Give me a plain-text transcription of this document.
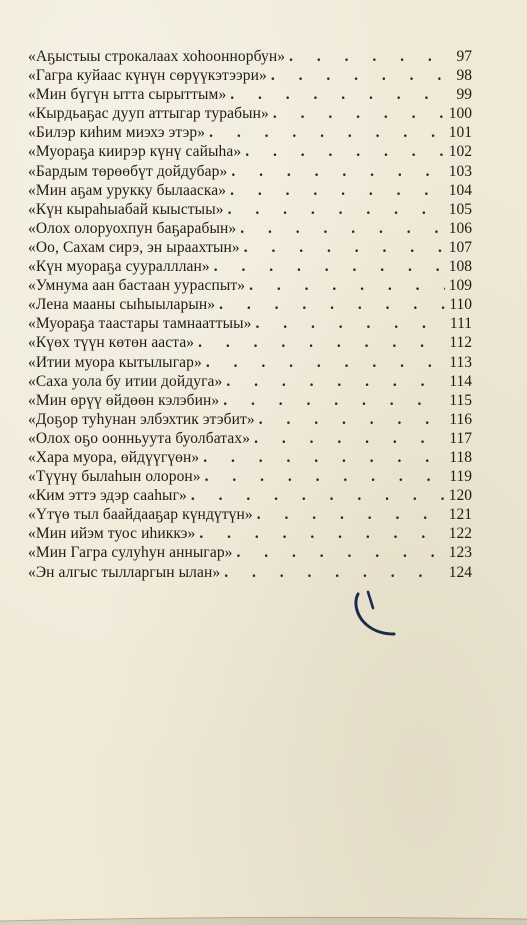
«Аҕыстыы строкалаах хоһооннорбун» . . .	97
«Гагра куйаас күнүн сөрүүкэтээри» . . .	98
«Мин бүгүн ытта сырыттым» . . .	99
«Кырдьаҕас дууп аттыгар турабын» . . .	100
«Билэр киһим миэхэ этэр» . . .	101
«Муораҕа киирэр күнү сайыһа» . . .	102
«Бардым төрөөбүт дойдубар» . . .	103
«Мин аҕам урукку былааска» . . .	104
«Күн кыраһыабай кыыстыы» . . .	105
«Олох олоруохпун баҕарабын» . . .	106
«Оо, Сахам сирэ, эн ыраахтын» . . .	107
«Күн муораҕа сууралллан» . . .	108
«Умнума аан бастаан уураспыт» . . .	109
«Лена мааны сыһыыларын» . . .	110
«Муораҕа таастары тамнааттыы» . . .	111
«Күөх түүн көтөн ааста» . . .	112
«Итии муора кытылыгар» . . .	113
«Саха уола бу итии дойдуга» . . .	114
«Мин өрүү өйдөөн кэлэбин» . . .	115
«Доҕор туһунан элбэхтик этэбит» . . .	116
«Олох оҕо оонньуута буолбатах» . . .	117
«Хара муора, өйдүүгүөн» . . .	118
«Түүнү былаһын олорон» . . .	119
«Ким эттэ эдэр сааһыг» . . .	120
«Үтүө тыл баайдааҕар күндүтүн» . . .	121
«Мин ийэм туос иһиккэ» . . .	122
«Мин Гагра сулуһун анныгар» . . .	123
«Эн алгыс тылларгын ылан» . . .	124
